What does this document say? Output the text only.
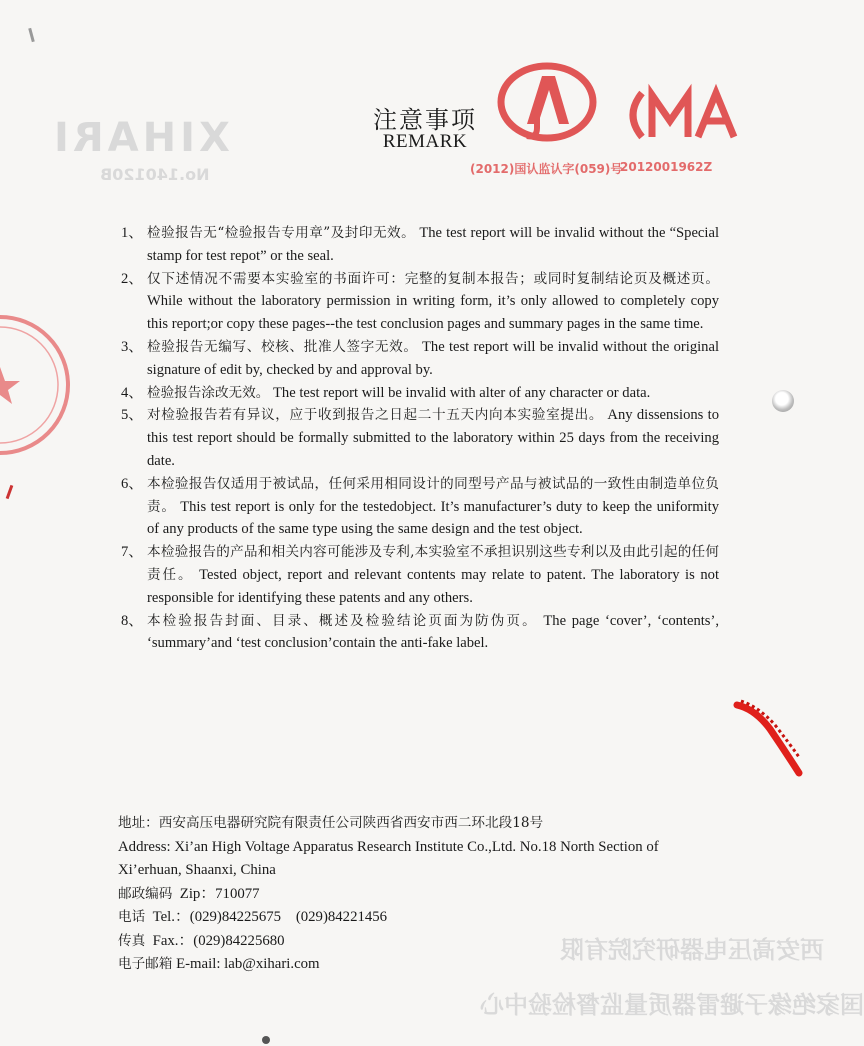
XIHARI
No.140120B
西安高压电器研究院有限
国家绝缘子避雷器质量监督检验中心
注意事项
REMARK
(2012)国认监认字(059)号
2012001962Z
1、 检验报告无“检验报告专用章”及封印无效。 The test report will be invalid without the “Special stamp for test repot” or the seal.
2、 仅下述情况不需要本实验室的书面许可：完整的复制本报告；或同时复制结论页及概述页。 While without the laboratory permission in writing form, it’s only allowed to completely copy this report;or copy these pages--the test conclusion pages and summary pages in the same time.
3、 检验报告无编写、校核、批准人签字无效。 The test report will be invalid without the original signature of edit by, checked by and approval by.
4、 检验报告涂改无效。 The test report will be invalid with alter of any character or data.
5、 对检验报告若有异议，应于收到报告之日起二十五天内向本实验室提出。 Any dissensions to this test report should be formally submitted to the laboratory within 25 days from the receiving date.
6、 本检验报告仅适用于被试品，任何采用相同设计的同型号产品与被试品的一致性由制造单位负责。 This test report is only for the testedobject. It’s manufacturer’s duty to keep the uniformity of any products of the same type using the same design and the test object.
7、 本检验报告的产品和相关内容可能涉及专利,本实验室不承担识别这些专利以及由此引起的任何责任。 Tested object, report and relevant contents may relate to patent. The laboratory is not responsible for identifying these patents and any others.
8、 本检验报告封面、目录、概述及检验结论页面为防伪页。 The page ‘cover’, ‘contents’, ‘summary’and ‘test conclusion’contain the anti-fake label.
地址：西安高压电器研究院有限责任公司陕西省西安市西二环北段18号
Address: Xi’an High Voltage Apparatus Research Institute Co.,Ltd. No.18 North Section of
Xi’erhuan, Shaanxi, China
邮政编码 Zip：710077
电话 Tel.：(029)84225675 (029)84221456
传真 Fax.：(029)84225680
电子邮箱 E-mail: lab@xihari.com
